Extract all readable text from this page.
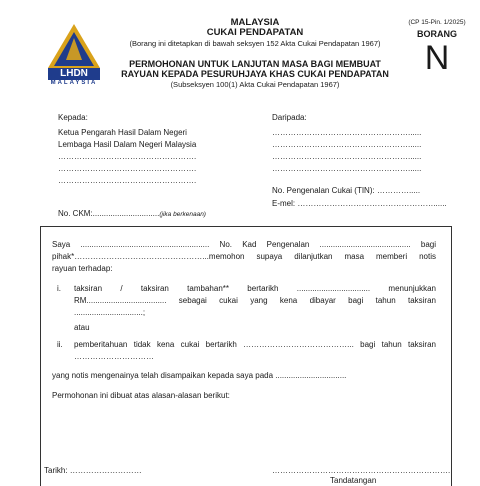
LHDN
MALAYSIA
MALAYSIA
CUKAI PENDAPATAN
(Borang ini ditetapkan di bawah seksyen 152 Akta Cukai Pendapatan 1967)
(CP 15-Pin. 1/2025)
BORANG
N
PERMOHONAN UNTUK LANJUTAN MASA BAGI MEMBUAT
RAYUAN KEPADA PESURUHJAYA KHAS CUKAI PENDAPATAN
(Subseksyen 100(1) Akta Cukai Pendapatan 1967)
Kepada:
Ketua Pengarah Hasil Dalam Negeri
Lembaga Hasil Dalam Negeri Malaysia
…………………………………………….
…………………………………………….
…………………………………………….
Daripada:
……………………………………………......
……………………………………………......
……………………………………………......
……………………………………………......
No. Pengenalan Cukai (TIN): ………….....
E-mel: ……………………………………………......
No. CKM:..............................(jika berkenaan)
Saya .......................................................... No. Kad Pengenalan ......................................... bagi
pihak*…………………………………………...memohon supaya dilanjutkan masa memberi notis
rayuan terhadap:
i. taksiran / taksiran tambahan** bertarikh ................................. menunjukkan
RM.................................... sebagai cukai yang kena dibayar bagi tahun taksiran
...............................;
atau
ii. pemberitahuan tidak kena cukai bertarikh …………………………………... bagi tahun taksiran
…………………………
yang notis mengenainya telah disampaikan kepada saya pada ................................
Permohonan ini dibuat atas alasan-alasan berikut:
Tarikh: ………………………	………………………………………………………….
Tandatangan
